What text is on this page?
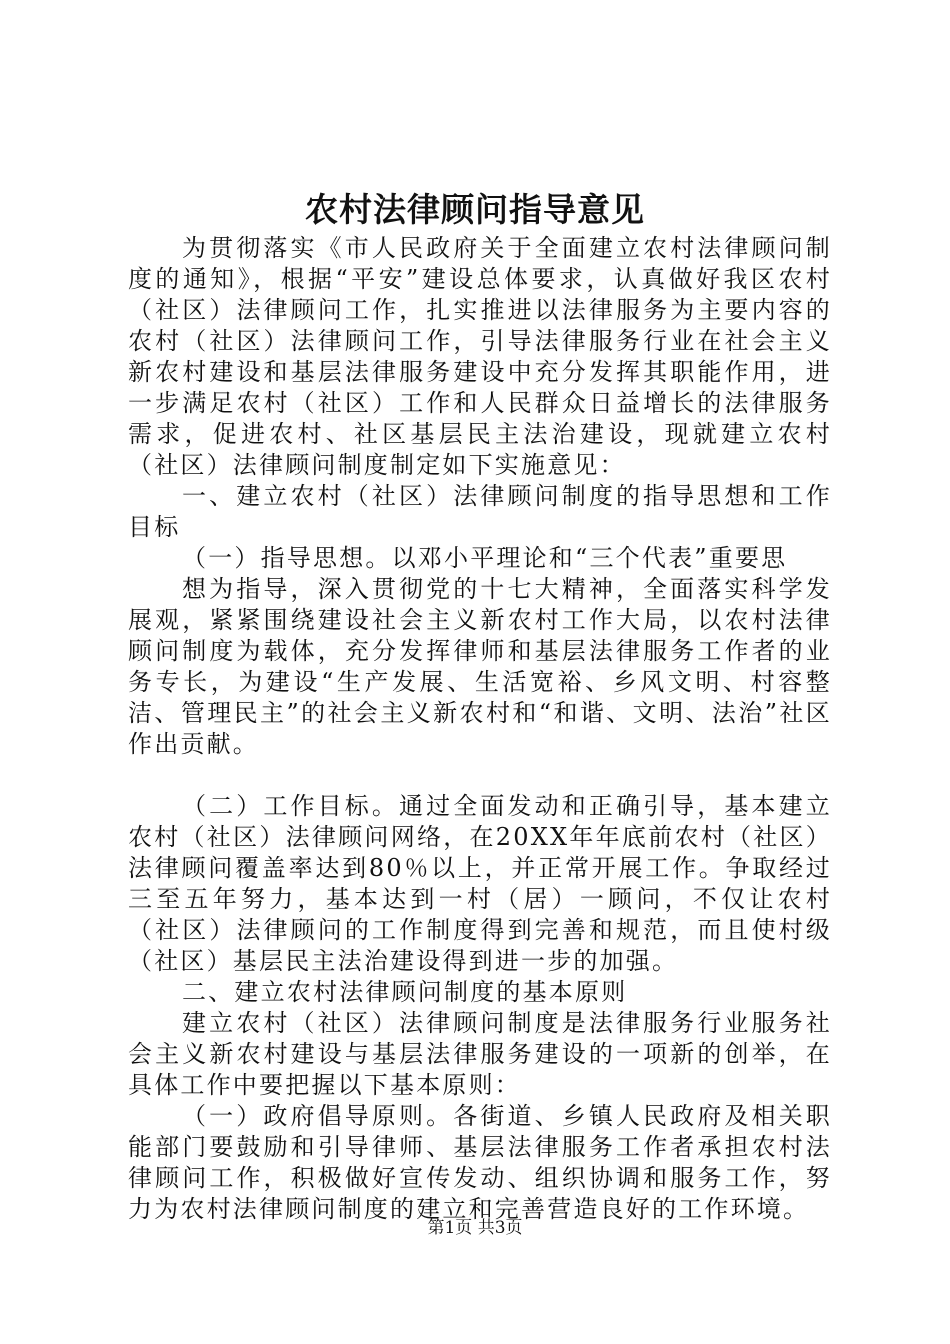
农村法律顾问指导意见

为贯彻落实《市人民政府关于全面建立农村法律顾问制度的通知》，根据“平安”建设总体要求，认真做好我区农村（社区）法律顾问工作，扎实推进以法律服务为主要内容的农村（社区）法律顾问工作，引导法律服务行业在社会主义新农村建设和基层法律服务建设中充分发挥其职能作用，进一步满足农村（社区）工作和人民群众日益增长的法律服务需求，促进农村、社区基层民主法治建设，现就建立农村（社区）法律顾问制度制定如下实施意见：

一、建立农村（社区）法律顾问制度的指导思想和工作目标

（一）指导思想。以邓小平理论和“三个代表”重要思

想为指导，深入贯彻党的十七大精神，全面落实科学发展观，紧紧围绕建设社会主义新农村工作大局，以农村法律顾问制度为载体，充分发挥律师和基层法律服务工作者的业务专长，为建设“生产发展、生活宽裕、乡风文明、村容整洁、管理民主”的社会主义新农村和“和谐、文明、法治”社区作出贡献。

（二）工作目标。通过全面发动和正确引导，基本建立农村（社区）法律顾问网络，在20XX年年底前农村（社区）法律顾问覆盖率达到80％以上，并正常开展工作。争取经过三至五年努力，基本达到一村（居）一顾问，不仅让农村（社区）法律顾问的工作制度得到完善和规范，而且使村级（社区）基层民主法治建设得到进一步的加强。

二、建立农村法律顾问制度的基本原则

建立农村（社区）法律顾问制度是法律服务行业服务社会主义新农村建设与基层法律服务建设的一项新的创举，在具体工作中要把握以下基本原则：

（一）政府倡导原则。各街道、乡镇人民政府及相关职能部门要鼓励和引导律师、基层法律服务工作者承担农村法律顾问工作，积极做好宣传发动、组织协调和服务工作，努力为农村法律顾问制度的建立和完善营造良好的工作环境。

第1页 共3页
